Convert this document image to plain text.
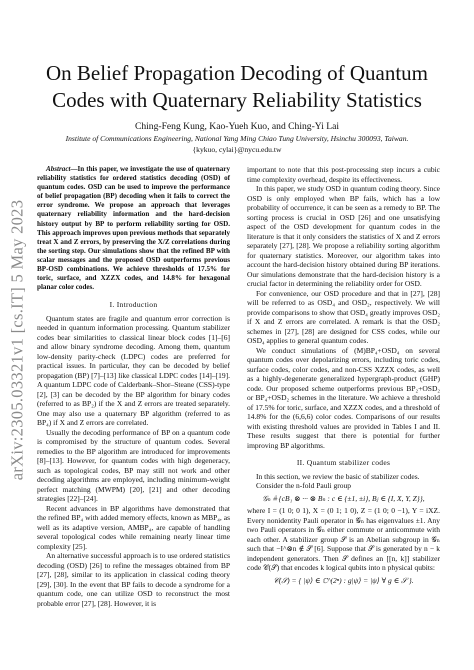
arXiv:2305.03321v1 [cs.IT] 5 May 2023
On Belief Propagation Decoding of Quantum Codes with Quaternary Reliability Statistics
Ching-Feng Kung, Kao-Yueh Kuo, and Ching-Yi Lai
Institute of Communications Engineering, National Yang Ming Chiao Tung University, Hsinchu 300093, Taiwan.
{kykuo, cylai}@nycu.edu.tw

Abstract—In this paper, we investigate the use of quaternary reliability statistics for ordered statistics decoding (OSD) of quantum codes. OSD can be used to improve the performance of belief propagation (BP) decoding when it fails to correct the error syndrome. We propose an approach that leverages quaternary reliability information and the hard-decision history output by BP to perform reliability sorting for OSD. This approach improves upon previous methods that separately treat X and Z errors, by preserving the X/Z correlations during the sorting step. Our simulations show that the refined BP with scalar messages and the proposed OSD outperforms previous BP-OSD combinations. We achieve thresholds of 17.5% for toric, surface, and XZZX codes, and 14.8% for hexagonal planar color codes.

I. Introduction

Quantum states are fragile and quantum error correction is needed in quantum information processing. Quantum stabilizer codes bear similarities to classical linear block codes [1]–[6] and allow binary syndrome decoding. Among them, quantum low-density parity-check (LDPC) codes are preferred for practical issues. In particular, they can be decoded by belief propagation (BP) [7]–[13] like classical LDPC codes [14]–[19]. A quantum LDPC code of Calderbank–Shor–Steane (CSS)-type [2], [3] can be decoded by the BP algorithm for binary codes (referred to as BP₂) if the X and Z errors are treated separately. One may also use a quaternary BP algorithm (referred to as BP₄) if X and Z errors are correlated.

Usually the decoding performance of BP on a quantum code is compromised by the structure of quantum codes. Several remedies to the BP algorithm are introduced for improvements [8]–[13]. However, for quantum codes with high degeneracy, such as topological codes, BP may still not work and other decoding algorithms are employed, including minimum-weight perfect matching (MWPM) [20], [21] and other decoding strategies [22]–[24].

Recent advances in BP algorithms have demonstrated that the refined BP₄ with added memory effects, known as MBP₄, as well as its adaptive version, AMBP₄, are capable of handling several topological codes while remaining nearly linear time complexity [25].

An alternative successful approach is to use ordered statistics decoding (OSD) [26] to refine the messages obtained from BP [27], [28], similar to its application in classical coding theory [29], [30]. In the event that BP fails to decode a syndrome for a quantum code, one can utilize OSD to reconstruct the most probable error [27], [28]. However, it is

important to note that this post-processing step incurs a cubic time complexity overhead, despite its effectiveness.

In this paper, we study OSD in quantum coding theory. Since OSD is only employed when BP fails, which has a low probability of occurrence, it can be seen as a remedy to BP. The sorting process is crucial in OSD [26] and one unsatisfying aspect of the OSD development for quantum codes in the literature is that it only considers the statistics of X and Z errors separately [27], [28]. We propose a reliability sorting algorithm for quaternary statistics. Moreover, our algorithm takes into account the hard-decision history obtained during BP iterations. Our simulations demonstrate that the hard-decision history is a crucial factor in determining the reliability order for OSD.

For convenience, our OSD procedure and that in [27], [28] will be referred to as OSD₄ and OSD₂, respectively. We will provide comparisons to show that OSD₄ greatly improves OSD₂ if X and Z errors are correlated. A remark is that the OSD₂ schemes in [27], [28] are designed for CSS codes, while our OSD₄ applies to general quantum codes.

We conduct simulations of (M)BP₄+OSD₄ on several quantum codes over depolarizing errors, including toric codes, surface codes, color codes, and non-CSS XZZX codes, as well as a highly-degenerate generalized hypergraph-product (GHP) code. Our proposed scheme outperforms previous BP₂+OSD₂ or BP₄+OSD₂ schemes in the literature. We achieve a threshold of 17.5% for toric, surface, and XZZX codes, and a threshold of 14.8% for the (6,6,6) color codes. Comparisons of our results with existing threshold values are provided in Tables I and II. These results suggest that there is potential for further improving BP algorithms.

II. Quantum stabilizer codes

In this section, we review the basic of stabilizer codes.

Consider the n-fold Pauli group

𝒢ₙ ≜ {cB₁ ⊗ ··· ⊗ Bₙ : c ∈ {±1, ±i}, Bⱼ ∈ {I, X, Y, Z}},

where I = (1 0; 0 1), X = (0 1; 1 0), Z = (1 0; 0 −1), Y = iXZ. Every nonidentity Pauli operator in 𝒢ₙ has eigenvalues ±1. Any two Pauli operators in 𝒢ₙ either commute or anticommute with each other. A stabilizer group 𝒮 is an Abelian subgroup in 𝒢ₙ such that −I^⊗n ∉ 𝒮 [6]. Suppose that 𝒮 is generated by n − k independent generators. Then 𝒮 defines an [[n, k]] stabilizer code 𝒞(𝒮) that encodes k logical qubits into n physical qubits:

𝒞(𝒮) = { |ψ⟩ ∈ ℂ^(2ⁿ) : g|ψ⟩ = |ψ⟩ ∀ g ∈ 𝒮 }.
